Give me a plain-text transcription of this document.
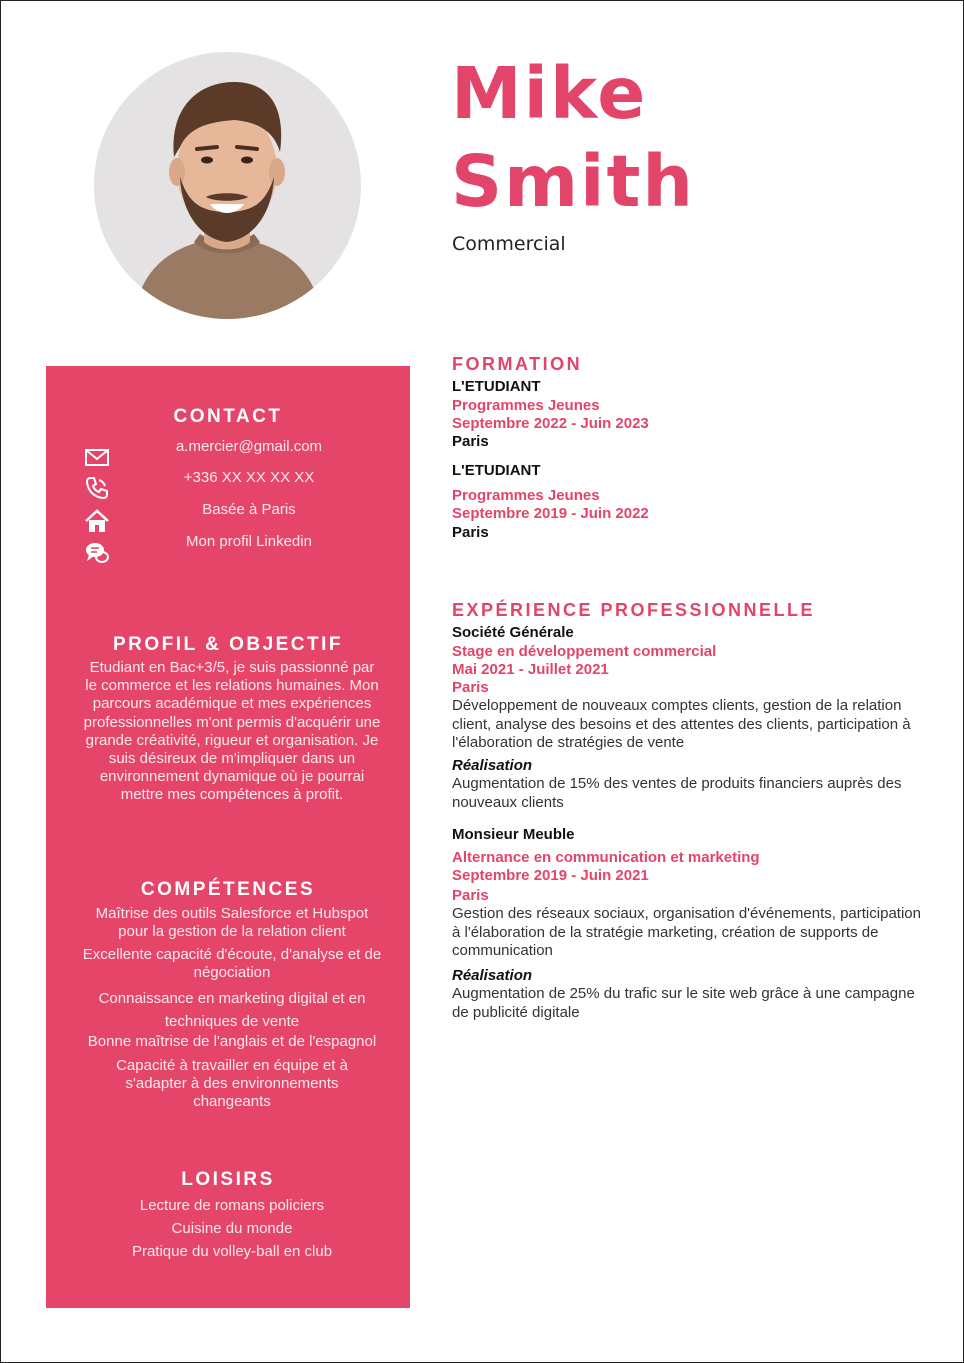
Mike
Smith
Commercial
CONTACT
a.mercier@gmail.com
+336 XX XX XX XX
Basée à Paris
Mon profil Linkedin
PROFIL & OBJECTIF
Etudiant en Bac+3/5, je suis passionné par le commerce et les relations humaines. Mon parcours académique et mes expériences professionnelles m'ont permis d'acquérir une grande créativité, rigueur et organisation. Je suis désireux de m'impliquer dans un environnement dynamique où je pourrai mettre mes compétences à profit.
COMPÉTENCES
Maîtrise des outils Salesforce et Hubspot pour la gestion de la relation client
Excellente capacité d'écoute, d'analyse et de négociation
Connaissance en marketing digital et en techniques de vente
Bonne maîtrise de l'anglais et de l'espagnol
Capacité à travailler en équipe et à s'adapter à des environnements changeants
LOISIRS
Lecture de romans policiers
Cuisine du monde
Pratique du volley-ball en club
FORMATION
L'ETUDIANT
Programmes Jeunes
Septembre 2022 - Juin 2023
Paris
L'ETUDIANT
Programmes Jeunes
Septembre 2019 - Juin 2022
Paris
EXPÉRIENCE PROFESSIONNELLE
Société Générale
Stage en développement commercial
Mai 2021 - Juillet 2021
Paris
Développement de nouveaux comptes clients, gestion de la relation client, analyse des besoins et des attentes des clients, participation à l'élaboration de stratégies de vente
Réalisation
Augmentation de 15% des ventes de produits financiers auprès des nouveaux clients
Monsieur Meuble
Alternance en communication et marketing
Septembre 2019 - Juin 2021
Paris
Gestion des réseaux sociaux, organisation d'événements, participation à l'élaboration de la stratégie marketing, création de supports de communication
Réalisation
Augmentation de 25% du trafic sur le site web grâce à une campagne de publicité digitale
